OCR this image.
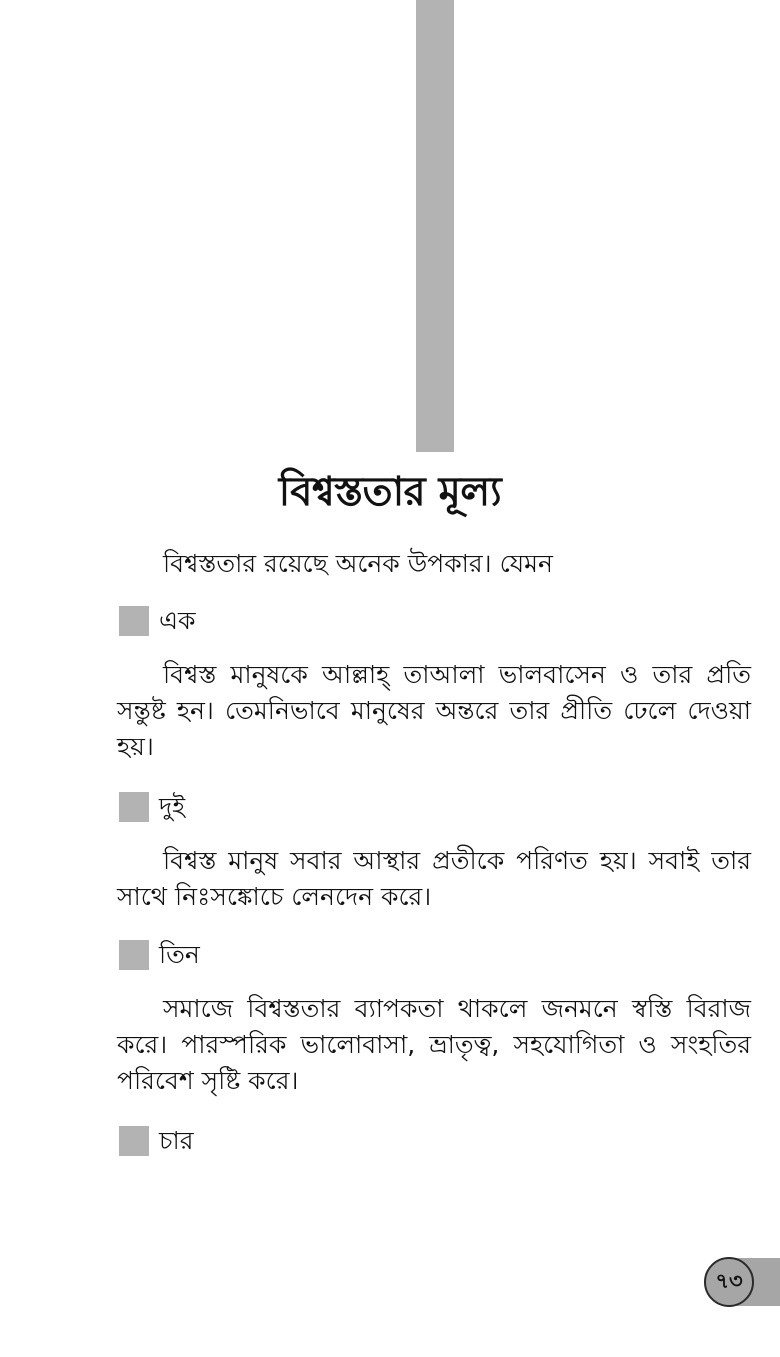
বিশ্বস্ততার মূল্য
বিশ্বস্ততার রয়েছে অনেক উপকার। যেমন
এক

বিশ্বস্ত মানুষকে আল্লাহ্ তাআলা ভালবাসেন ও তার প্রতি সন্তুষ্ট হন। তেমনিভাবে মানুষের অন্তরে তার প্রীতি ঢেলে দেওয়া হয়।

দুই

বিশ্বস্ত মানুষ সবার আস্থার প্রতীকে পরিণত হয়। সবাই তার সাথে নিঃসঙ্কোচে লেনদেন করে।

তিন

সমাজে বিশ্বস্ততার ব্যাপকতা থাকলে জনমনে স্বস্তি বিরাজ করে। পারস্পরিক ভালোবাসা, ভ্রাতৃত্ব, সহযোগিতা ও সংহতির পরিবেশ সৃষ্টি করে।

চার
৭৩
